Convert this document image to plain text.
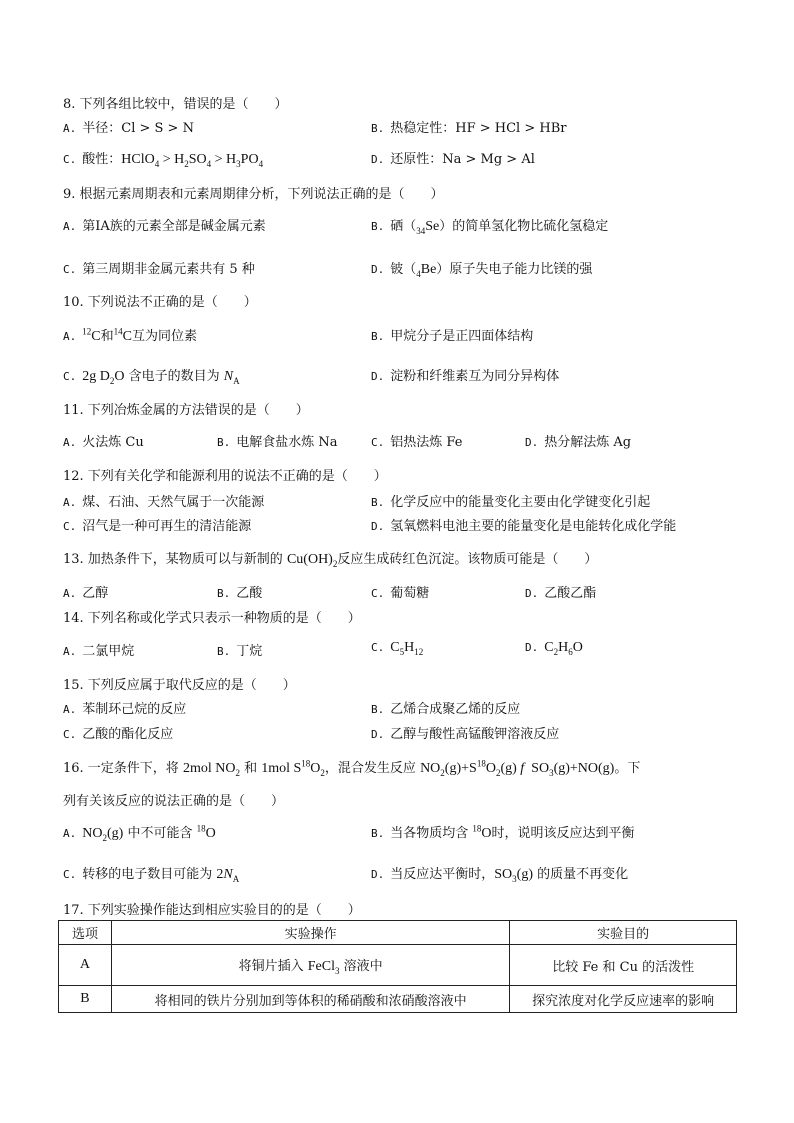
8. 下列各组比较中，错误的是（　　）
A. 半径：Cl > S > N	B. 热稳定性：HF > HCl > HBr
C. 酸性：HClO$_4$ > $H_2SO_4 > H_3PO_4$	D. 还原性：Na > Mg > Al
9. 根据元素周期表和元素周期律分析，下列说法正确的是（　　）
A. 第ⅠA族的元素全部是碱金属元素	B. 硒$(_{34}Se)$的简单氢化物比硫化氢稳定
C. 第三周期非金属元素共有 5 种	D. 铍$(_4Be)$原子失电子能力比镁的强
10. 下列说法不正确的是（　　）
A. $^{12}$C和$^{14}$C互为同位素	B. 甲烷分子是正四面体结构
C. 2g $D_2O$ 含电子的数目为 $N_A$	D. 淀粉和纤维素互为同分异构体
11. 下列冶炼金属的方法错误的是（　　）
A. 火法炼 Cu	B. 电解食盐水炼 Na	C. 铝热法炼 Fe	D. 热分解法炼 Ag
12. 下列有关化学和能源利用的说法不正确的是（　　）
A. 煤、石油、天然气属于一次能源	B. 化学反应中的能量变化主要由化学键变化引起
C. 沼气是一种可再生的清洁能源	D. 氢氧燃料电池主要的能量变化是电能转化成化学能
13. 加热条件下，某物质可以与新制的 $Cu(OH)_2$反应生成砖红色沉淀。该物质可能是（　　）
A. 乙醇	B. 乙酸	C. 葡萄糖	D. 乙酸乙酯
14. 下列名称或化学式只表示一种物质的是（　　）
A. 二氯甲烷	B. 丁烷	C. $C_5H_{12}$	D. $C_2H_6O$
15. 下列反应属于取代反应的是（　　）
A. 苯制环己烷的反应	B. 乙烯合成聚乙烯的反应
C. 乙酸的酯化反应	D. 乙醇与酸性高锰酸钾溶液反应
16. 一定条件下，将 2mol $NO_2$ 和 1mol $S^{18}O_2$，混合发生反应 $NO_2(g)+S^{18}O_2(g)$ f  $SO_3(g)+NO(g)$。下
列有关该反应的说法正确的是（　　）
A. $NO_2(g)$ 中不可能含 $^{18}$O	B. 当各物质均含 $^{18}$O时，说明该反应达到平衡
C. 转移的电子数目可能为 $2N_A$	D. 当反应达平衡时，$SO_3(g)$ 的质量不再变化
17. 下列实验操作能达到相应实验目的的是（　　）
选项	实验操作	实验目的
A	将铜片插入 FeCl$_3$ 溶液中	比较 Fe 和 Cu 的活泼性
B	将相同的铁片分别加到等体积的稀硝酸和浓硝酸溶液中	探究浓度对化学反应速率的影响
